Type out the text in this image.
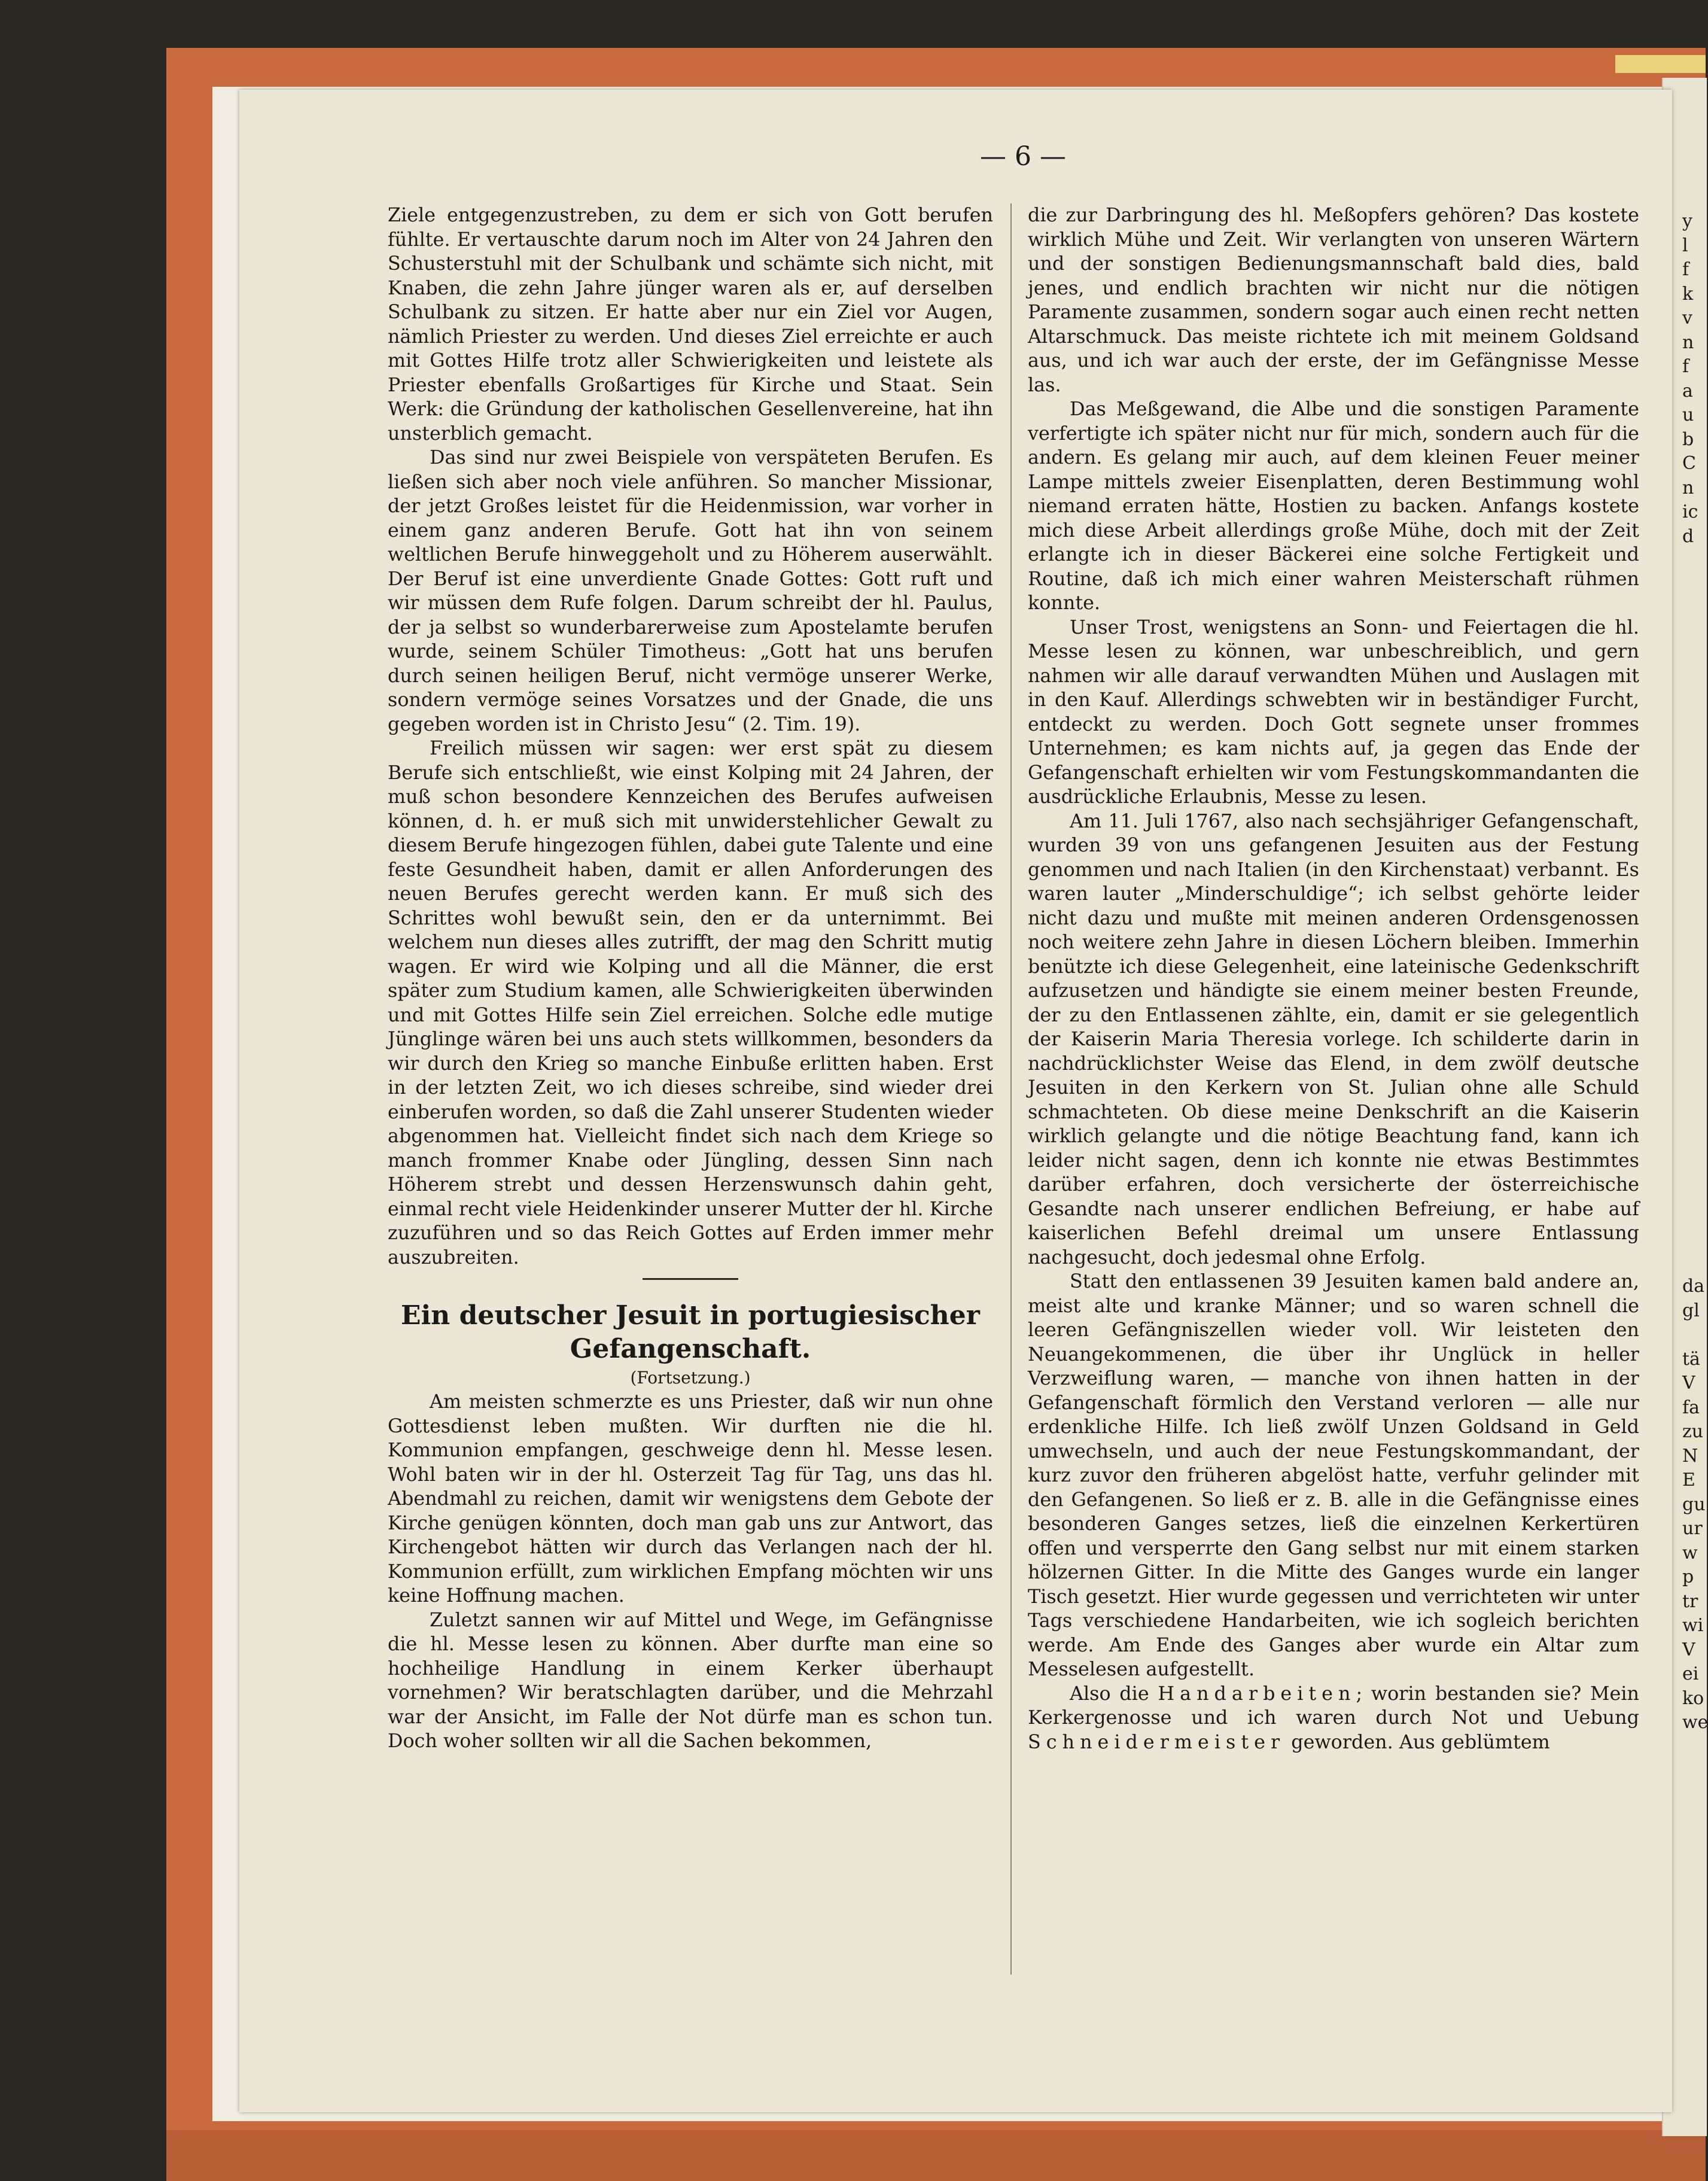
y
l
f
k
v
n
f
a
u
b
C
n
ic
d
da
gl

tä
V
fa
zu
N
E
gu
ur
w
p
tr
wi
V
ei
ko
we
— 6 —

Ziele entgegenzustreben, zu dem er sich von Gott berufen fühlte. Er vertauschte darum noch im Alter von 24 Jahren den Schusterstuhl mit der Schulbank und schämte sich nicht, mit Knaben, die zehn Jahre jünger waren als er, auf derselben Schulbank zu sitzen. Er hatte aber nur ein Ziel vor Augen, nämlich Priester zu werden. Und dieses Ziel erreichte er auch mit Gottes Hilfe trotz aller Schwierigkeiten und leistete als Priester ebenfalls Großartiges für Kirche und Staat. Sein Werk: die Gründung der katholischen Gesellenvereine, hat ihn unsterblich gemacht.

Das sind nur zwei Beispiele von verspäteten Berufen. Es ließen sich aber noch viele anführen. So mancher Missionar, der jetzt Großes leistet für die Heidenmission, war vorher in einem ganz anderen Berufe. Gott hat ihn von seinem weltlichen Berufe hinweggeholt und zu Höherem auserwählt. Der Beruf ist eine unverdiente Gnade Gottes: Gott ruft und wir müssen dem Rufe folgen. Darum schreibt der hl. Paulus, der ja selbst so wunderbarerweise zum Apostelamte berufen wurde, seinem Schüler Timotheus: „Gott hat uns berufen durch seinen heiligen Beruf, nicht vermöge unserer Werke, sondern vermöge seines Vorsatzes und der Gnade, die uns gegeben worden ist in Christo Jesu“ (2. Tim. 19).

Freilich müssen wir sagen: wer erst spät zu diesem Berufe sich entschließt, wie einst Kolping mit 24 Jahren, der muß schon besondere Kennzeichen des Berufes aufweisen können, d. h. er muß sich mit unwiderstehlicher Gewalt zu diesem Berufe hingezogen fühlen, dabei gute Talente und eine feste Gesundheit haben, damit er allen Anforderungen des neuen Berufes gerecht werden kann. Er muß sich des Schrittes wohl bewußt sein, den er da unternimmt. Bei welchem nun dieses alles zutrifft, der mag den Schritt mutig wagen. Er wird wie Kolping und all die Männer, die erst später zum Studium kamen, alle Schwierigkeiten überwinden und mit Gottes Hilfe sein Ziel erreichen. Solche edle mutige Jünglinge wären bei uns auch stets willkommen, besonders da wir durch den Krieg so manche Einbuße erlitten haben. Erst in der letzten Zeit, wo ich dieses schreibe, sind wieder drei einberufen worden, so daß die Zahl unserer Studenten wieder abgenommen hat. Vielleicht findet sich nach dem Kriege so manch frommer Knabe oder Jüngling, dessen Sinn nach Höherem strebt und dessen Herzenswunsch dahin geht, einmal recht viele Heidenkinder unserer Mutter der hl. Kirche zuzuführen und so das Reich Gottes auf Erden immer mehr auszubreiten.

Ein deutscher Jesuit in portugiesischer Gefangenschaft.

(Fortsetzung.)

Am meisten schmerzte es uns Priester, daß wir nun ohne Gottesdienst leben mußten. Wir durften nie die hl. Kommunion empfangen, geschweige denn hl. Messe lesen. Wohl baten wir in der hl. Osterzeit Tag für Tag, uns das hl. Abendmahl zu reichen, damit wir wenigstens dem Gebote der Kirche genügen könnten, doch man gab uns zur Antwort, das Kirchengebot hätten wir durch das Verlangen nach der hl. Kommunion erfüllt, zum wirklichen Empfang möchten wir uns keine Hoffnung machen.

Zuletzt sannen wir auf Mittel und Wege, im Gefängnisse die hl. Messe lesen zu können. Aber durfte man eine so hochheilige Handlung in einem Kerker überhaupt vornehmen? Wir beratschlagten darüber, und die Mehrzahl war der Ansicht, im Falle der Not dürfe man es schon tun. Doch woher sollten wir all die Sachen bekommen,

die zur Darbringung des hl. Meßopfers gehören? Das kostete wirklich Mühe und Zeit. Wir verlangten von unseren Wärtern und der sonstigen Bedienungsmannschaft bald dies, bald jenes, und endlich brachten wir nicht nur die nötigen Paramente zusammen, sondern sogar auch einen recht netten Altarschmuck. Das meiste richtete ich mit meinem Goldsand aus, und ich war auch der erste, der im Gefängnisse Messe las.

Das Meßgewand, die Albe und die sonstigen Paramente verfertigte ich später nicht nur für mich, sondern auch für die andern. Es gelang mir auch, auf dem kleinen Feuer meiner Lampe mittels zweier Eisenplatten, deren Bestimmung wohl niemand erraten hätte, Hostien zu backen. Anfangs kostete mich diese Arbeit allerdings große Mühe, doch mit der Zeit erlangte ich in dieser Bäckerei eine solche Fertigkeit und Routine, daß ich mich einer wahren Meisterschaft rühmen konnte.

Unser Trost, wenigstens an Sonn- und Feiertagen die hl. Messe lesen zu können, war unbeschreiblich, und gern nahmen wir alle darauf verwandten Mühen und Auslagen mit in den Kauf. Allerdings schwebten wir in beständiger Furcht, entdeckt zu werden. Doch Gott segnete unser frommes Unternehmen; es kam nichts auf, ja gegen das Ende der Gefangenschaft erhielten wir vom Festungskommandanten die ausdrückliche Erlaubnis, Messe zu lesen.

Am 11. Juli 1767, also nach sechsjähriger Gefangenschaft, wurden 39 von uns gefangenen Jesuiten aus der Festung genommen und nach Italien (in den Kirchenstaat) verbannt. Es waren lauter „Minderschuldige“; ich selbst gehörte leider nicht dazu und mußte mit meinen anderen Ordensgenossen noch weitere zehn Jahre in diesen Löchern bleiben. Immerhin benützte ich diese Gelegenheit, eine lateinische Gedenkschrift aufzusetzen und händigte sie einem meiner besten Freunde, der zu den Entlassenen zählte, ein, damit er sie gelegentlich der Kaiserin Maria Theresia vorlege. Ich schilderte darin in nachdrücklichster Weise das Elend, in dem zwölf deutsche Jesuiten in den Kerkern von St. Julian ohne alle Schuld schmachteten. Ob diese meine Denkschrift an die Kaiserin wirklich gelangte und die nötige Beachtung fand, kann ich leider nicht sagen, denn ich konnte nie etwas Bestimmtes darüber erfahren, doch versicherte der österreichische Gesandte nach unserer endlichen Befreiung, er habe auf kaiserlichen Befehl dreimal um unsere Entlassung nachgesucht, doch jedesmal ohne Erfolg.

Statt den entlassenen 39 Jesuiten kamen bald andere an, meist alte und kranke Männer; und so waren schnell die leeren Gefängniszellen wieder voll. Wir leisteten den Neuangekommenen, die über ihr Unglück in heller Verzweiflung waren, — manche von ihnen hatten in der Gefangenschaft förmlich den Verstand verloren — alle nur erdenkliche Hilfe. Ich ließ zwölf Unzen Goldsand in Geld umwechseln, und auch der neue Festungskommandant, der kurz zuvor den früheren abgelöst hatte, verfuhr gelinder mit den Gefangenen. So ließ er z. B. alle in die Gefängnisse eines besonderen Ganges setzes, ließ die einzelnen Kerkertüren offen und versperrte den Gang selbst nur mit einem starken hölzernen Gitter. In die Mitte des Ganges wurde ein langer Tisch gesetzt. Hier wurde gegessen und verrichteten wir unter Tags verschiedene Handarbeiten, wie ich sogleich berichten werde. Am Ende des Ganges aber wurde ein Altar zum Messelesen aufgestellt.

Also die Handarbeiten; worin bestanden sie? Mein Kerkergenosse und ich waren durch Not und Uebung Schneidermeister geworden. Aus geblümtem
